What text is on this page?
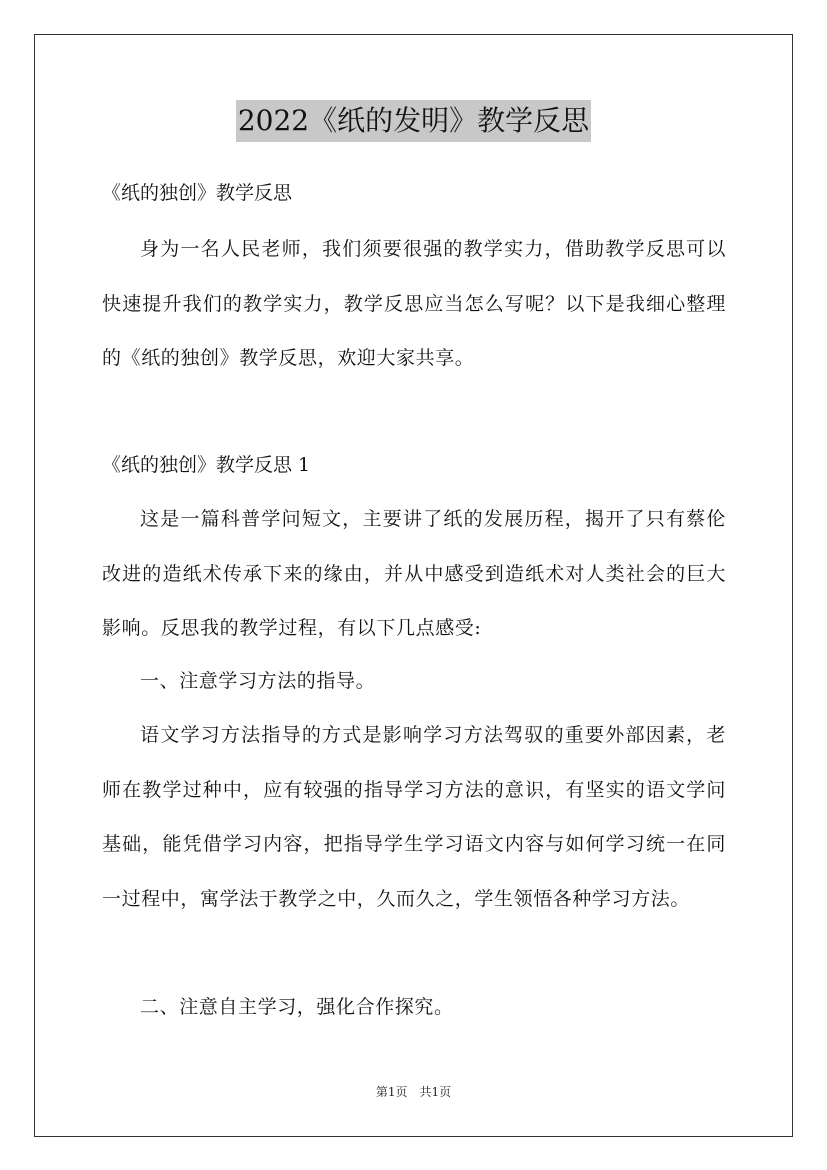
2022《纸的发明》教学反思
《纸的独创》教学反思
身为一名人民老师，我们须要很强的教学实力，借助教学反思可以快速提升我们的教学实力，教学反思应当怎么写呢？以下是我细心整理的《纸的独创》教学反思，欢迎大家共享。
《纸的独创》教学反思 1
这是一篇科普学问短文，主要讲了纸的发展历程，揭开了只有蔡伦改进的造纸术传承下来的缘由，并从中感受到造纸术对人类社会的巨大影响。反思我的教学过程，有以下几点感受:
一、注意学习方法的指导。
语文学习方法指导的方式是影响学习方法驾驭的重要外部因素，老师在教学过种中，应有较强的指导学习方法的意识，有坚实的语文学问基础，能凭借学习内容，把指导学生学习语文内容与如何学习统一在同一过程中，寓学法于教学之中，久而久之，学生领悟各种学习方法。
二、注意自主学习，强化合作探究。
第1页　共1页
